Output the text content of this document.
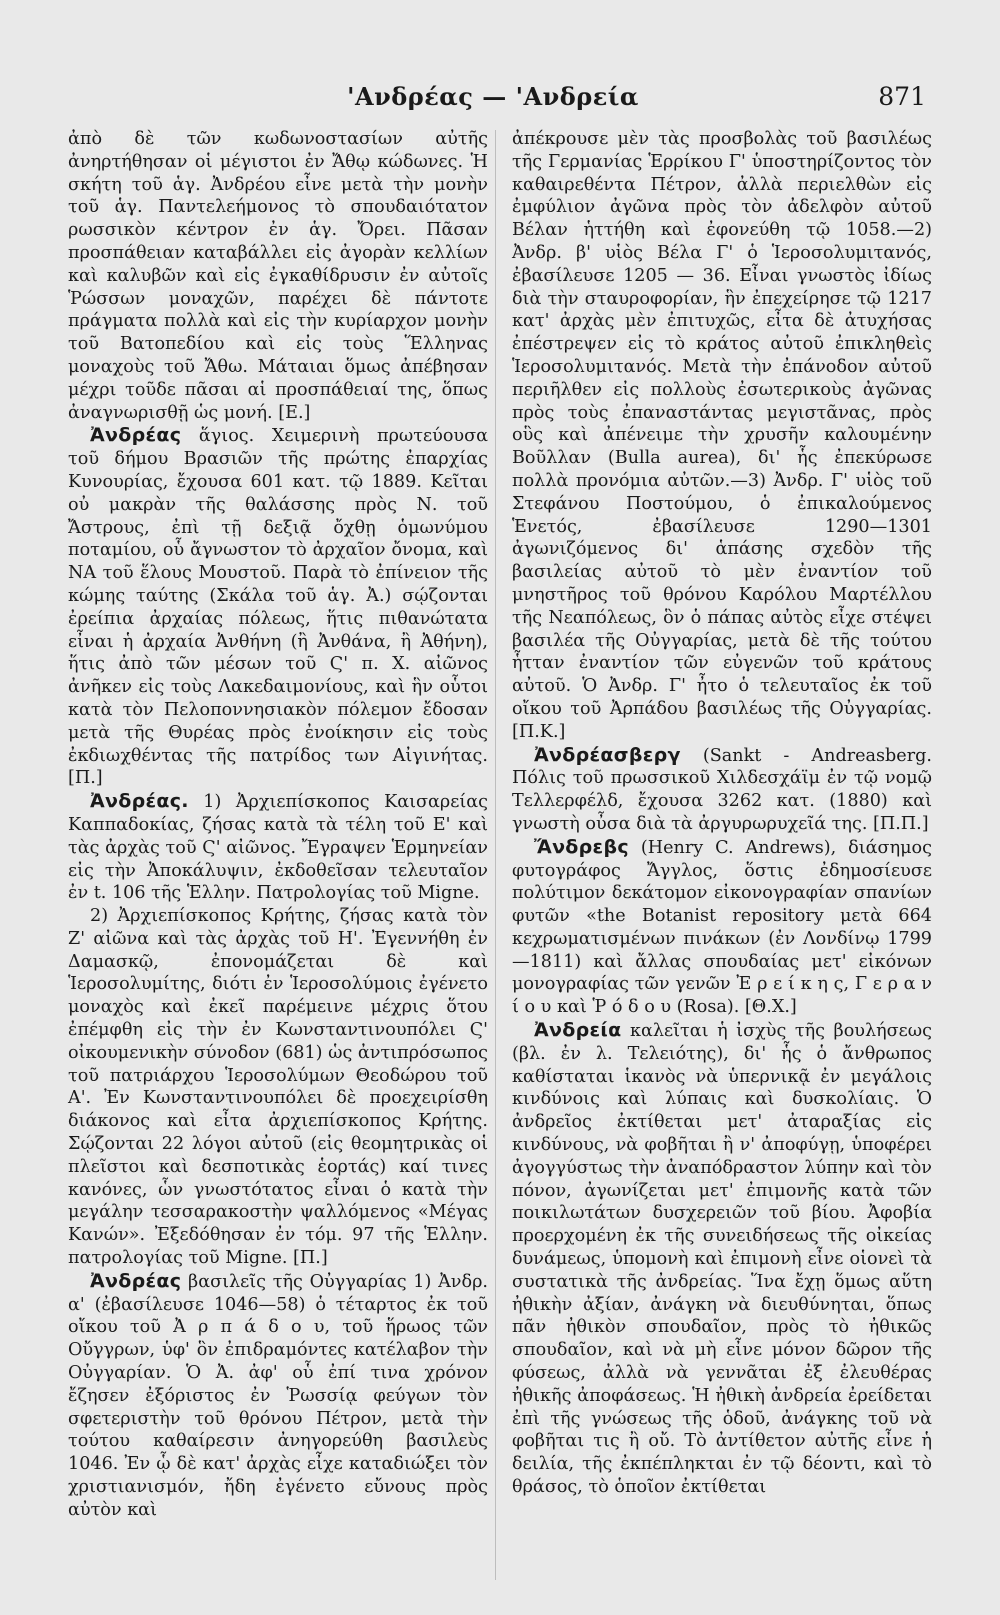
'Ανδρέας — 'Ανδρεία	871

ἀπὸ δὲ τῶν κωδωνοστασίων αὐτῆς ἀνηρτήθησαν οἱ μέγιστοι ἐν Ἄθῳ κώδωνες. Ἡ σκήτη τοῦ ἁγ. Ἀνδρέου εἶνε μετὰ τὴν μονὴν τοῦ ἁγ. Παντελεήμονος τὸ σπουδαιότατον ρωσσικὸν κέντρον ἐν ἁγ. Ὄρει. Πᾶσαν προσπάθειαν καταβάλλει εἰς ἀγορὰν κελλίων καὶ καλυβῶν καὶ εἰς ἐγκαθίδρυσιν ἐν αὐτοῖς Ῥώσσων μοναχῶν, παρέχει δὲ πάντοτε πράγματα πολλὰ καὶ εἰς τὴν κυρίαρχον μονὴν τοῦ Βατοπεδίου καὶ εἰς τοὺς Ἕλληνας μοναχοὺς τοῦ Ἄθω. Μάταιαι ὅμως ἀπέβησαν μέχρι τοῦδε πᾶσαι αἱ προσπάθειαί της, ὅπως ἀναγνωρισθῇ ὡς μονή. [Ε.]

Ἀνδρέας ἅγιος. Χειμερινὴ πρωτεύουσα τοῦ δήμου Βρασιῶν τῆς πρώτης ἐπαρχίας Κυνουρίας, ἔχουσα 601 κατ. τῷ 1889. Κεῖται οὐ μακρὰν τῆς θαλάσσης πρὸς Ν. τοῦ Ἄστρους, ἐπὶ τῇ δεξιᾷ ὄχθῃ ὁμωνύμου ποταμίου, οὗ ἄγνωστον τὸ ἀρχαῖον ὄνομα, καὶ ΝΑ τοῦ ἕλους Μουστοῦ. Παρὰ τὸ ἐπίνειον τῆς κώμης ταύτης (Σκάλα τοῦ ἁγ. Ἀ.) σῴζονται ἐρείπια ἀρχαίας πόλεως, ἥτις πιθανώτατα εἶναι ἡ ἀρχαία Ἀνθήνη (ἢ Ἀνθάνα, ἢ Ἀθήνη), ἥτις ἀπὸ τῶν μέσων τοῦ Ϛ' π. Χ. αἰῶνος ἀνῆκεν εἰς τοὺς Λακεδαιμονίους, καὶ ἣν οὗτοι κατὰ τὸν Πελοποννησιακὸν πόλεμον ἔδοσαν μετὰ τῆς Θυρέας πρὸς ἐνοίκησιν εἰς τοὺς ἐκδιωχθέντας τῆς πατρίδος των Αἰγινήτας. [Π.]

Ἀνδρέας. 1) Ἀρχιεπίσκοπος Καισαρείας Καππαδοκίας, ζήσας κατὰ τὰ τέλη τοῦ Ε' καὶ τὰς ἀρχὰς τοῦ Ϛ' αἰῶνος. Ἔγραψεν Ἑρμηνείαν εἰς τὴν Ἀποκάλυψιν, ἐκδοθεῖσαν τελευταῖον ἐν t. 106 τῆς Ἑλλην. Πατρολογίας τοῦ Migne.

2) Ἀρχιεπίσκοπος Κρήτης, ζήσας κατὰ τὸν Ζ' αἰῶνα καὶ τὰς ἀρχὰς τοῦ Η'. Ἐγεννήθη ἐν Δαμασκῷ, ἐπονομάζεται δὲ καὶ Ἱεροσολυμίτης, διότι ἐν Ἱεροσολύμοις ἐγένετο μοναχὸς καὶ ἐκεῖ παρέμεινε μέχρις ὅτου ἐπέμφθη εἰς τὴν ἐν Κωνσταντινουπόλει Ϛ' οἰκουμενικὴν σύνοδον (681) ὡς ἀντιπρόσωπος τοῦ πατριάρχου Ἱεροσολύμων Θεοδώρου τοῦ Α'. Ἐν Κωνσταντινουπόλει δὲ προεχειρίσθη διάκονος καὶ εἶτα ἀρχιεπίσκοπος Κρήτης. Σῴζονται 22 λόγοι αὐτοῦ (εἰς θεομητρικὰς οἱ πλεῖστοι καὶ δεσποτικὰς ἑορτάς) καί τινες κανόνες, ὧν γνωστότατος εἶναι ὁ κατὰ τὴν μεγάλην τεσσαρακοστὴν ψαλλόμενος «Μέγας Κανών». Ἐξεδόθησαν ἐν τόμ. 97 τῆς Ἑλλην. πατρολογίας τοῦ Migne. [Π.]

Ἀνδρέας βασιλεῖς τῆς Οὐγγαρίας 1) Ἀνδρ. α' (ἐβασίλευσε 1046—58) ὁ τέταρτος ἐκ τοῦ οἴκου τοῦ Ἀ ρ π ά δ ο υ, τοῦ ἥρωος τῶν Οὔγγρων, ὑφ' ὃν ἐπιδραμόντες κατέλαβον τὴν Οὐγγαρίαν. Ὁ Ἀ. ἀφ' οὗ ἐπί τινα χρόνον ἔζησεν ἐξόριστος ἐν Ῥωσσίᾳ φεύγων τὸν σφετεριστὴν τοῦ θρόνου Πέτρον, μετὰ τὴν τούτου καθαίρεσιν ἀνηγορεύθη βασιλεὺς 1046. Ἐν ᾧ δὲ κατ' ἀρχὰς εἶχε καταδιώξει τὸν χριστιανισμόν, ἤδη ἐγένετο εὔνους πρὸς αὐτὸν καὶ

ἀπέκρουσε μὲν τὰς προσβολὰς τοῦ βασιλέως τῆς Γερμανίας Ἑρρίκου Γ' ὑποστηρίζοντος τὸν καθαιρεθέντα Πέτρον, ἀλλὰ περιελθὼν εἰς ἐμφύλιον ἀγῶνα πρὸς τὸν ἀδελφὸν αὐτοῦ Βέλαν ἡττήθη καὶ ἐφονεύθη τῷ 1058.—2) Ἀνδρ. β' υἱὸς Βέλα Γ' ὁ Ἱεροσολυμιτανός, ἐβασίλευσε 1205 — 36. Εἶναι γνωστὸς ἰδίως διὰ τὴν σταυροφορίαν, ἣν ἐπεχείρησε τῷ 1217 κατ' ἀρχὰς μὲν ἐπιτυχῶς, εἶτα δὲ ἀτυχήσας ἐπέστρεψεν εἰς τὸ κράτος αὐτοῦ ἐπικληθεὶς Ἱεροσολυμιτανός. Μετὰ τὴν ἐπάνοδον αὐτοῦ περιῆλθεν εἰς πολλοὺς ἐσωτερικοὺς ἀγῶνας πρὸς τοὺς ἐπαναστάντας μεγιστᾶνας, πρὸς οὓς καὶ ἀπένειμε τὴν χρυσῆν καλουμένην Βοῦλλαν (Bulla aurea), δι' ἧς ἐπεκύρωσε πολλὰ προνόμια αὐτῶν.—3) Ἀνδρ. Γ' υἱὸς τοῦ Στεφάνου Ποστούμου, ὁ ἐπικαλούμενος Ἑνετός, ἐβασίλευσε 1290—1301 ἀγωνιζόμενος δι' ἁπάσης σχεδὸν τῆς βασιλείας αὐτοῦ τὸ μὲν ἐναντίον τοῦ μνηστῆρος τοῦ θρόνου Καρόλου Μαρτέλλου τῆς Νεαπόλεως, ὃν ὁ πάπας αὐτὸς εἶχε στέψει βασιλέα τῆς Οὐγγαρίας, μετὰ δὲ τῆς τούτου ἧτταν ἐναντίον τῶν εὐγενῶν τοῦ κράτους αὐτοῦ. Ὁ Ἀνδρ. Γ' ἦτο ὁ τελευταῖος ἐκ τοῦ οἴκου τοῦ Ἀρπάδου βασιλέως τῆς Οὐγγαρίας. [Π.Κ.]

Ἀνδρέασβεργ (Sankt - Andreasberg. Πόλις τοῦ πρωσσικοῦ Χιλδεσχάϊμ ἐν τῷ νομῷ Τελλερφέλδ, ἔχουσα 3262 κατ. (1880) καὶ γνωστὴ οὖσα διὰ τὰ ἀργυρωρυχεῖά της. [Π.Π.]

Ἄνδρεβς (Henry C. Andrews), διάσημος φυτογράφος Ἄγγλος, ὅστις ἐδημοσίευσε πολύτιμον δεκάτομον εἰκονογραφίαν σπανίων φυτῶν «the Botanist repository μετὰ 664 κεχρωματισμένων πινάκων (ἐν Λονδίνῳ 1799—1811) καὶ ἄλλας σπουδαίας μετ' εἰκόνων μονογραφίας τῶν γενῶν Ἐ ρ ε ί κ η ς, Γ ε ρ α ν ί ο υ καὶ Ῥ ό δ ο υ (Rosa). [Θ.Χ.]

Ἀνδρεία καλεῖται ἡ ἰσχὺς τῆς βουλήσεως (βλ. ἐν λ. Τελειότης), δι' ἧς ὁ ἄνθρωπος καθίσταται ἱκανὸς νὰ ὑπερνικᾷ ἐν μεγάλοις κινδύνοις καὶ λύπαις καὶ δυσκολίαις. Ὁ ἀνδρεῖος ἐκτίθεται μετ' ἀταραξίας εἰς κινδύνους, νὰ φοβῆται ἢ ν' ἀποφύγῃ, ὑποφέρει ἀγογγύστως τὴν ἀναπόδραστον λύπην καὶ τὸν πόνον, ἀγωνίζεται μετ' ἐπιμονῆς κατὰ τῶν ποικιλωτάτων δυσχερειῶν τοῦ βίου. Ἀφοβία προερχομένη ἐκ τῆς συνειδήσεως τῆς οἰκείας δυνάμεως, ὑπομονὴ καὶ ἐπιμονὴ εἶνε οἱονεὶ τὰ συστατικὰ τῆς ἀνδρείας. Ἵνα ἔχῃ ὅμως αὕτη ἠθικὴν ἀξίαν, ἀνάγκη νὰ διευθύνηται, ὅπως πᾶν ἠθικὸν σπουδαῖον, πρὸς τὸ ἠθικῶς σπουδαῖον, καὶ νὰ μὴ εἶνε μόνον δῶρον τῆς φύσεως, ἀλλὰ νὰ γεννᾶται ἐξ ἐλευθέρας ἠθικῆς ἀποφάσεως. Ἡ ἠθικὴ ἀνδρεία ἐρείδεται ἐπὶ τῆς γνώσεως τῆς ὁδοῦ, ἀνάγκης τοῦ νὰ φοβῆται τις ἢ οὔ. Τὸ ἀντίθετον αὐτῆς εἶνε ἡ δειλία, τῆς ἐκπέπληκται ἐν τῷ δέοντι, καὶ τὸ θράσος, τὸ ὁποῖον ἐκτίθεται
